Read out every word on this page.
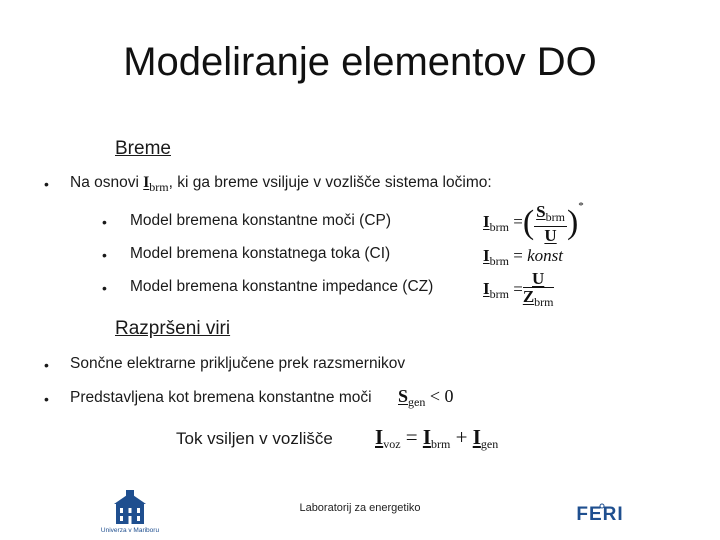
Modeliranje elementov DO
Breme
• Na osnovi $I_{brm}$, ki ga breme vsiljuje v vozlišče sistema ločimo:
• Model bremena konstantne moči (CP)
• Model bremena konstatnega toka (CI)
• Model bremena konstantne impedance (CZ)
$I_{brm}$ =( $\frac{S_{brm}}{U} )^*$
$I_{brm}$ = konst
$I_{brm} = \frac{U}{Z_{brm}}$
Razpršeni viri
• Sončne elektrarne priključene prek razsmernikov
• Predstavljena kot bremena konstantne moči $S_{gen} < 0$
Tok vsiljen v vozlišče $I_{voz} = I_{brm} + I_{gen}$
Univerza v Mariboru
Laboratorij za energetiko	FERI
